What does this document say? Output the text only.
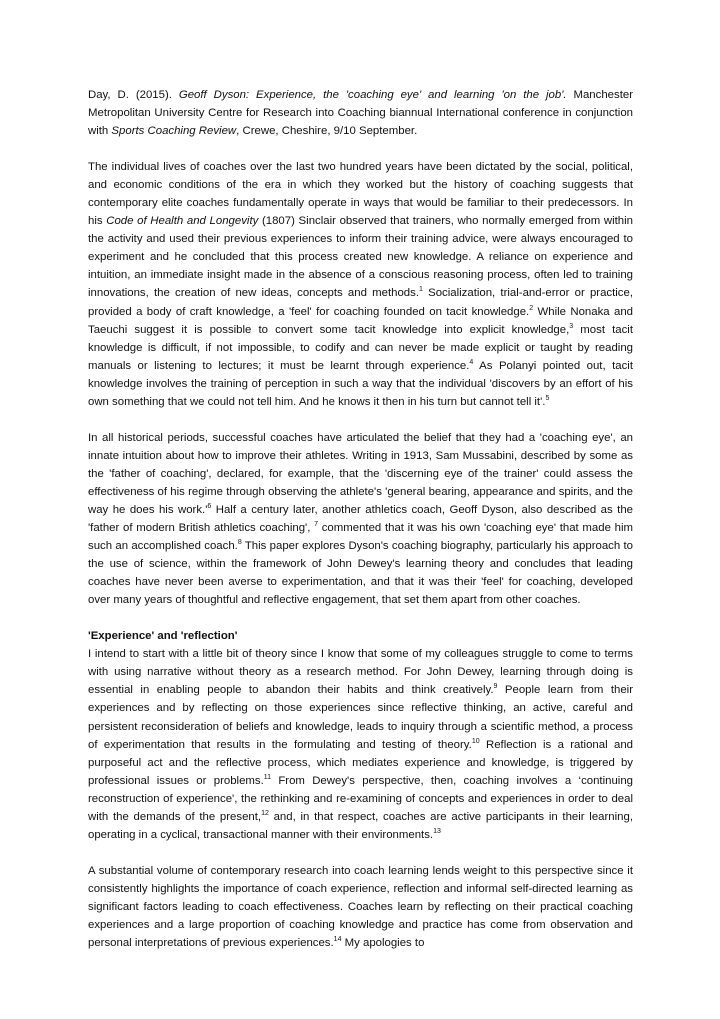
Day, D. (2015). Geoff Dyson: Experience, the 'coaching eye' and learning 'on the job'. Manchester Metropolitan University Centre for Research into Coaching biannual International conference in conjunction with Sports Coaching Review, Crewe, Cheshire, 9/10 September.

The individual lives of coaches over the last two hundred years have been dictated by the social, political, and economic conditions of the era in which they worked but the history of coaching suggests that contemporary elite coaches fundamentally operate in ways that would be familiar to their predecessors. In his Code of Health and Longevity (1807) Sinclair observed that trainers, who normally emerged from within the activity and used their previous experiences to inform their training advice, were always encouraged to experiment and he concluded that this process created new knowledge. A reliance on experience and intuition, an immediate insight made in the absence of a conscious reasoning process, often led to training innovations, the creation of new ideas, concepts and methods.$^1$ Socialization, trial-and-error or practice, provided a body of craft knowledge, a 'feel' for coaching founded on tacit knowledge.$^2$ While Nonaka and Taeuchi suggest it is possible to convert some tacit knowledge into explicit knowledge,$^3$ most tacit knowledge is difficult, if not impossible, to codify and can never be made explicit or taught by reading manuals or listening to lectures; it must be learnt through experience.$^4$ As Polanyi pointed out, tacit knowledge involves the training of perception in such a way that the individual 'discovers by an effort of his own something that we could not tell him. And he knows it then in his turn but cannot tell it'.$^5$

In all historical periods, successful coaches have articulated the belief that they had a 'coaching eye', an innate intuition about how to improve their athletes. Writing in 1913, Sam Mussabini, described by some as the 'father of coaching', declared, for example, that the 'discerning eye of the trainer' could assess the effectiveness of his regime through observing the athlete's 'general bearing, appearance and spirits, and the way he does his $work.'^6$ Half a century later, another athletics coach, Geoff Dyson, also described as the 'father of modern British athletics coaching', $^7$ commented that it was his own 'coaching eye' that made him such an accomplished coach.$^8$ This paper explores Dyson's coaching biography, particularly his approach to the use of science, within the framework of John Dewey's learning theory and concludes that leading coaches have never been averse to experimentation, and that it was their 'feel' for coaching, developed over many years of thoughtful and reflective engagement, that set them apart from other coaches.

'Experience' and 'reflection'

I intend to start with a little bit of theory since I know that some of my colleagues struggle to come to terms with using narrative without theory as a research method. For John Dewey, learning through doing is essential in enabling people to abandon their habits and think creatively.$^9$ People learn from their experiences and by reflecting on those experiences since reflective thinking, an active, careful and persistent reconsideration of beliefs and knowledge, leads to inquiry through a scientific method, a process of experimentation that results in the formulating and testing of theory.$^{10}$ Reflection is a rational and purposeful act and the reflective process, which mediates experience and knowledge, is triggered by professional issues or problems.$^{11}$ From Dewey's perspective, then, coaching involves a ‘continuing reconstruction of experience', the rethinking and re-examining of concepts and experiences in order to deal with the demands of the present,$^{12}$ and, in that respect, coaches are active participants in their learning, operating in a cyclical, transactional manner with their environments.$^{13}$

A substantial volume of contemporary research into coach learning lends weight to this perspective since it consistently highlights the importance of coach experience, reflection and informal self-directed learning as significant factors leading to coach effectiveness. Coaches learn by reflecting on their practical coaching experiences and a large proportion of coaching knowledge and practice has come from observation and personal interpretations of previous experiences.$^{14}$ My apologies to
